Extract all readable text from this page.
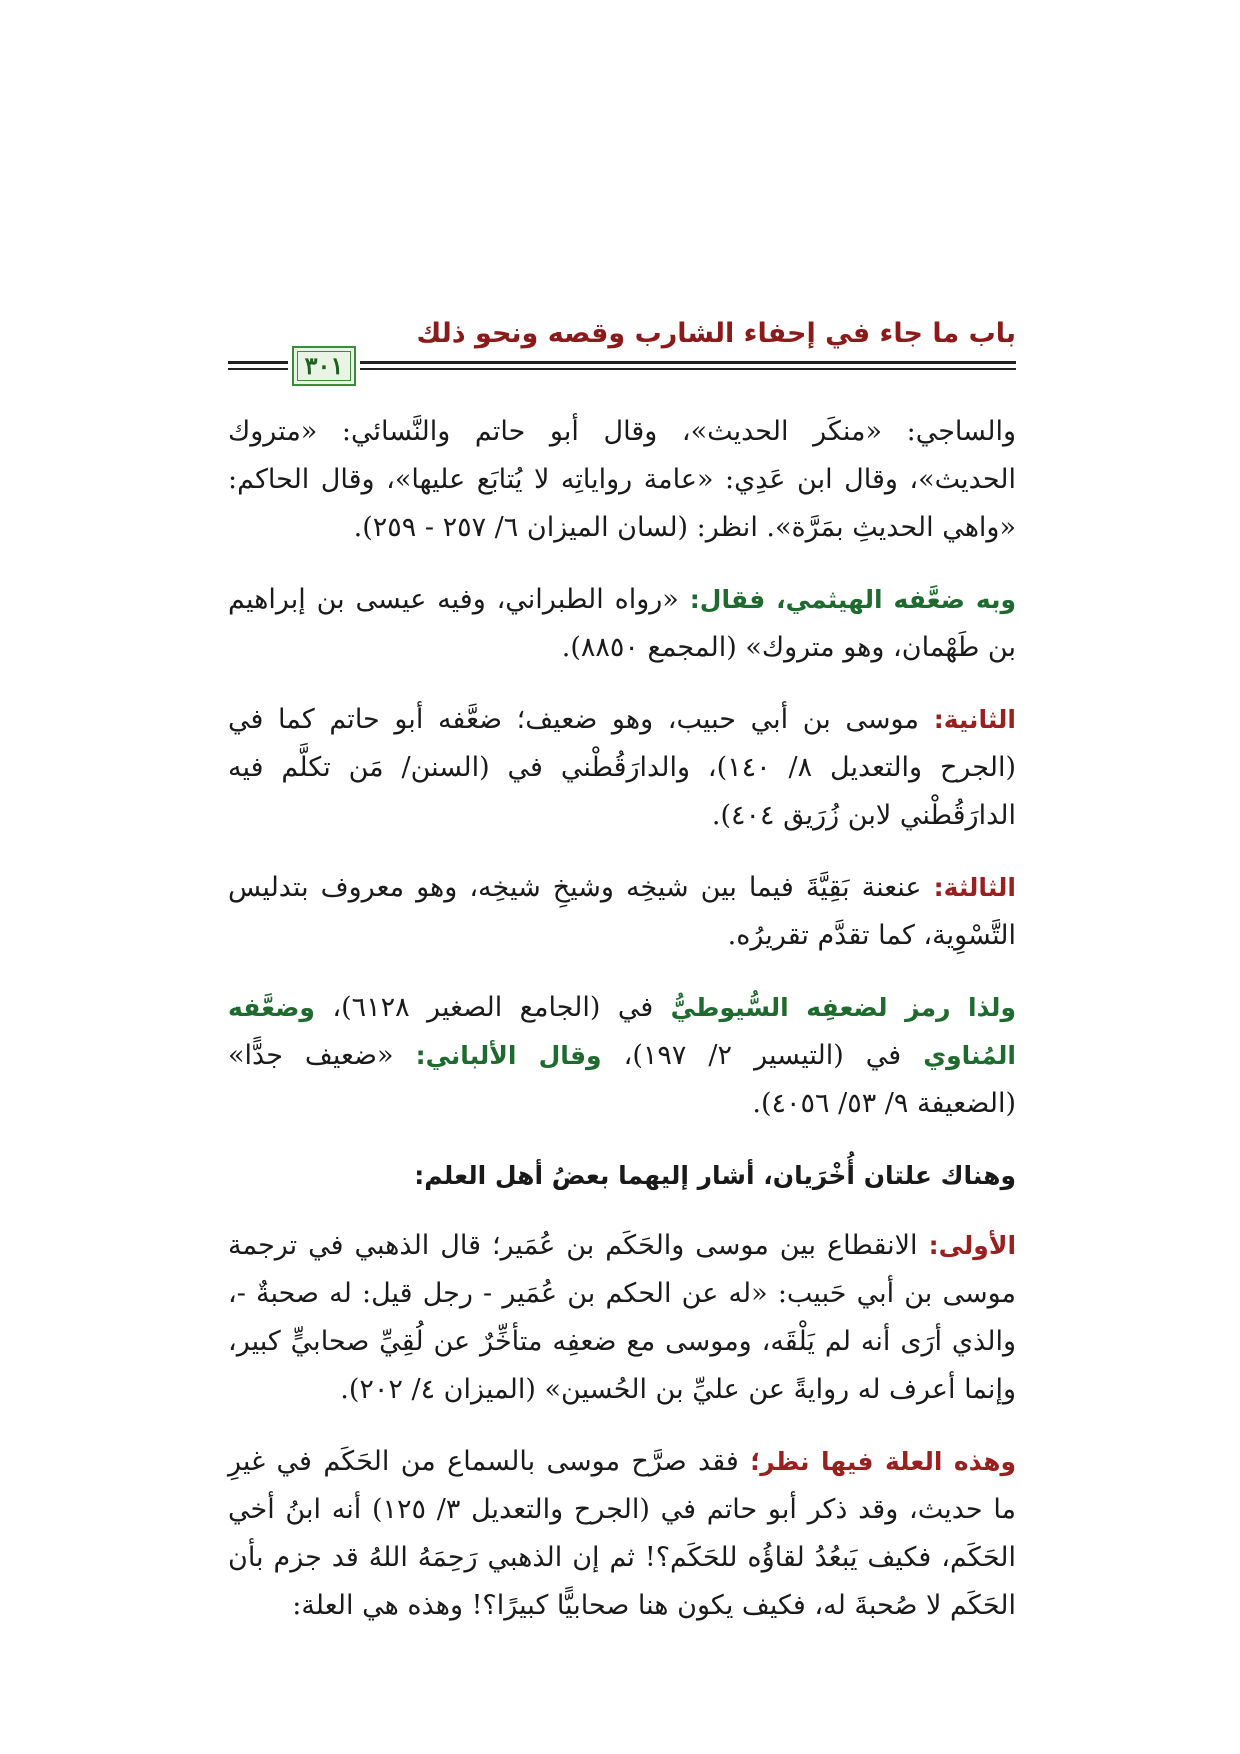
باب ما جاء في إحفاء الشارب وقصه ونحو ذلك
٣٠١

والساجي: «منكَر الحديث»، وقال أبو حاتم والنَّسائي: «متروك الحديث»، وقال ابن عَدِي: «عامة رواياتِه لا يُتابَع عليها»، وقال الحاكم: «واهي الحديثِ بمَرَّة». انظر: (لسان الميزان ٦/ ٢٥٧ - ٢٥٩).

وبه ضعَّفه الهيثمي، فقال: «رواه الطبراني، وفيه عيسى بن إبراهيم بن طَهْمان، وهو متروك» (المجمع ٨٨٥٠).

الثانية: موسى بن أبي حبيب، وهو ضعيف؛ ضعَّفه أبو حاتم كما في (الجرح والتعديل ٨/ ١٤٠)، والدارَقُطْني في (السنن/ مَن تكلَّم فيه الدارَقُطْني لابن زُرَيق ٤٠٤).

الثالثة: عنعنة بَقِيَّةَ فيما بين شيخِه وشيخِ شيخِه، وهو معروف بتدليس التَّسْوِية، كما تقدَّم تقريرُه.

ولذا رمز لضعفِه السُّيوطيُّ في (الجامع الصغير ٦١٢٨)، وضعَّفه المُناوي في (التيسير ٢/ ١٩٧)، وقال الألباني: «ضعيف جدًّا» (الضعيفة ٩/ ٥٣/ ٤٠٥٦).

وهناك علتان أُخْرَيان، أشار إليهما بعضُ أهل العلم:

الأولى: الانقطاع بين موسى والحَكَم بن عُمَير؛ قال الذهبي في ترجمة موسى بن أبي حَبيب: «له عن الحكم بن عُمَير - رجل قيل: له صحبةٌ -، والذي أرَى أنه لم يَلْقَه، وموسى مع ضعفِه متأخِّرٌ عن لُقِيِّ صحابيٍّ كبير، وإنما أعرف له روايةً عن عليِّ بن الحُسين» (الميزان ٤/ ٢٠٢).

وهذه العلة فيها نظر؛ فقد صرَّح موسى بالسماع من الحَكَم في غيرِ ما حديث، وقد ذكر أبو حاتم في (الجرح والتعديل ٣/ ١٢٥) أنه ابنُ أخي الحَكَم، فكيف يَبعُدُ لقاؤُه للحَكَم؟! ثم إن الذهبي رَحِمَهُ اللهُ قد جزم بأن الحَكَم لا صُحبةَ له، فكيف يكون هنا صحابيًّا كبيرًا؟! وهذه هي العلة:
